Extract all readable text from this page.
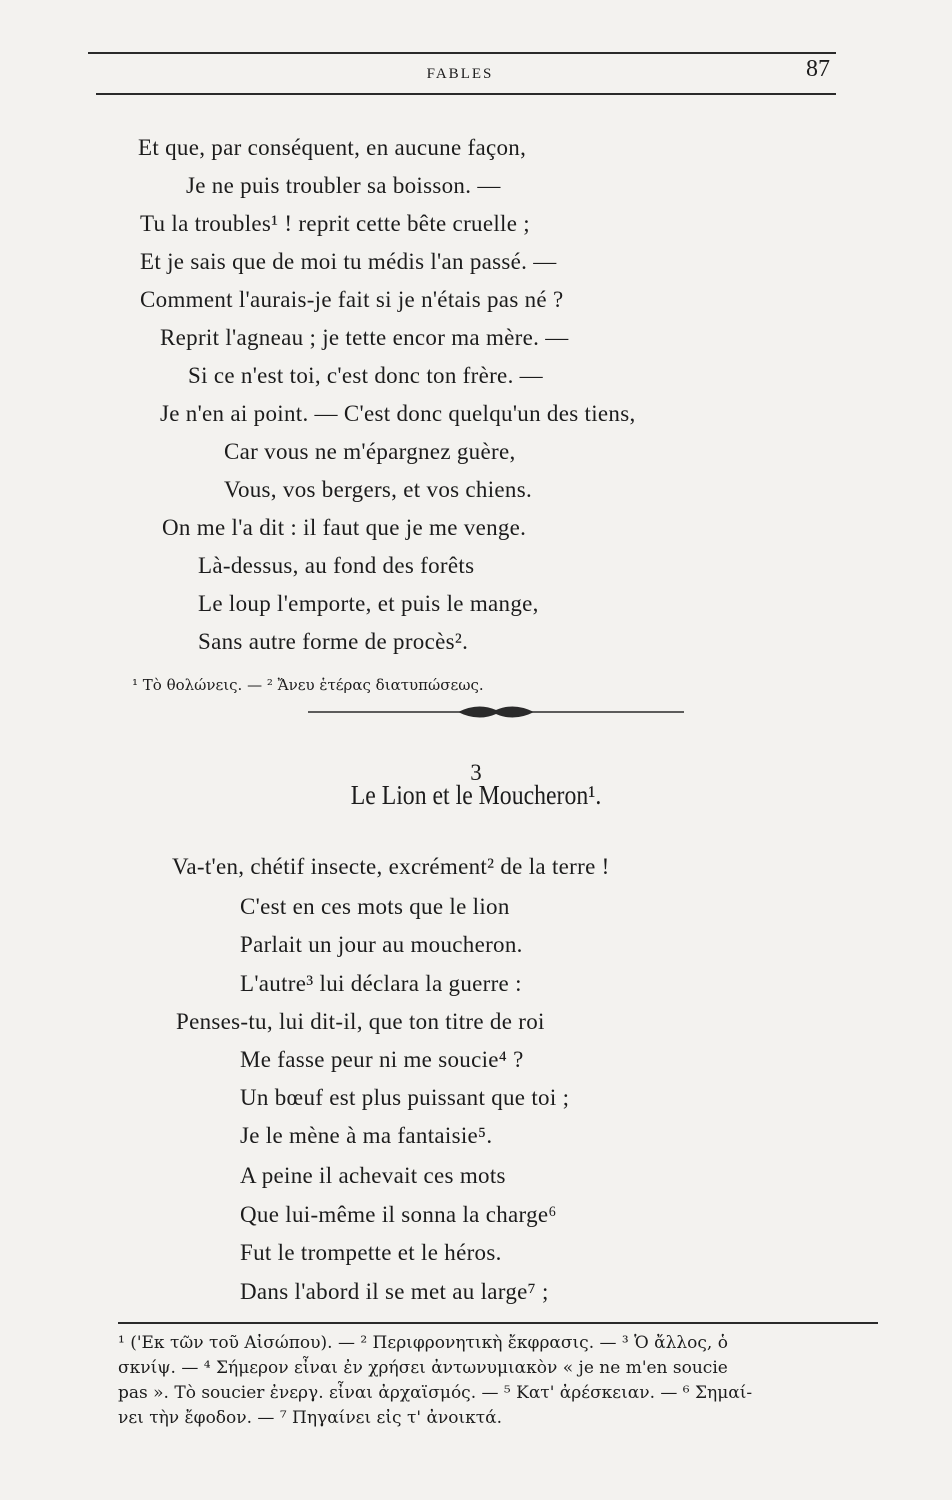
FABLES	87
Et que, par conséquent, en aucune façon,
Je ne puis troubler sa boisson. —
Tu la troubles¹ ! reprit cette bête cruelle ;
Et je sais que de moi tu médis l'an passé. —
Comment l'aurais-je fait si je n'étais pas né ?
Reprit l'agneau ; je tette encor ma mère. —
Si ce n'est toi, c'est donc ton frère. —
Je n'en ai point. — C'est donc quelqu'un des tiens,
Car vous ne m'épargnez guère,
Vous, vos bergers, et vos chiens.
On me l'a dit : il faut que je me venge.
Là-dessus, au fond des forêts
Le loup l'emporte, et puis le mange,
Sans autre forme de procès².
¹ Τὸ θολώνεις. — ² Ἄνευ ἑτέρας διατυπώσεως.
3
Le Lion et le Moucheron¹.
Va-t'en, chétif insecte, excrément² de la terre !
C'est en ces mots que le lion
Parlait un jour au moucheron.
L'autre³ lui déclara la guerre :
Penses-tu, lui dit-il, que ton titre de roi
Me fasse peur ni me soucie⁴ ?
Un bœuf est plus puissant que toi ;
Je le mène à ma fantaisie⁵.
A peine il achevait ces mots
Que lui-même il sonna la charge⁶
Fut le trompette et le héros.
Dans l'abord il se met au large⁷ ;
¹ ('Εκ τῶν τοῦ Αἰσώπου). — ² Περιφρονητικὴ ἔκφρασις. — ³ Ὁ ἄλλος, ὁ
σκνίψ. — ⁴ Σήμερον εἶναι ἐν χρήσει ἀντωνυμιακὸν « je ne m'en soucie
pas ». Τὸ soucier ἐνεργ. εἶναι ἀρχαϊσμός. — ⁵ Κατ' ἀρέσκειαν. — ⁶ Σημαί-
νει τὴν ἔφοδον. — ⁷ Πηγαίνει εἰς τ' ἀνοικτά.
